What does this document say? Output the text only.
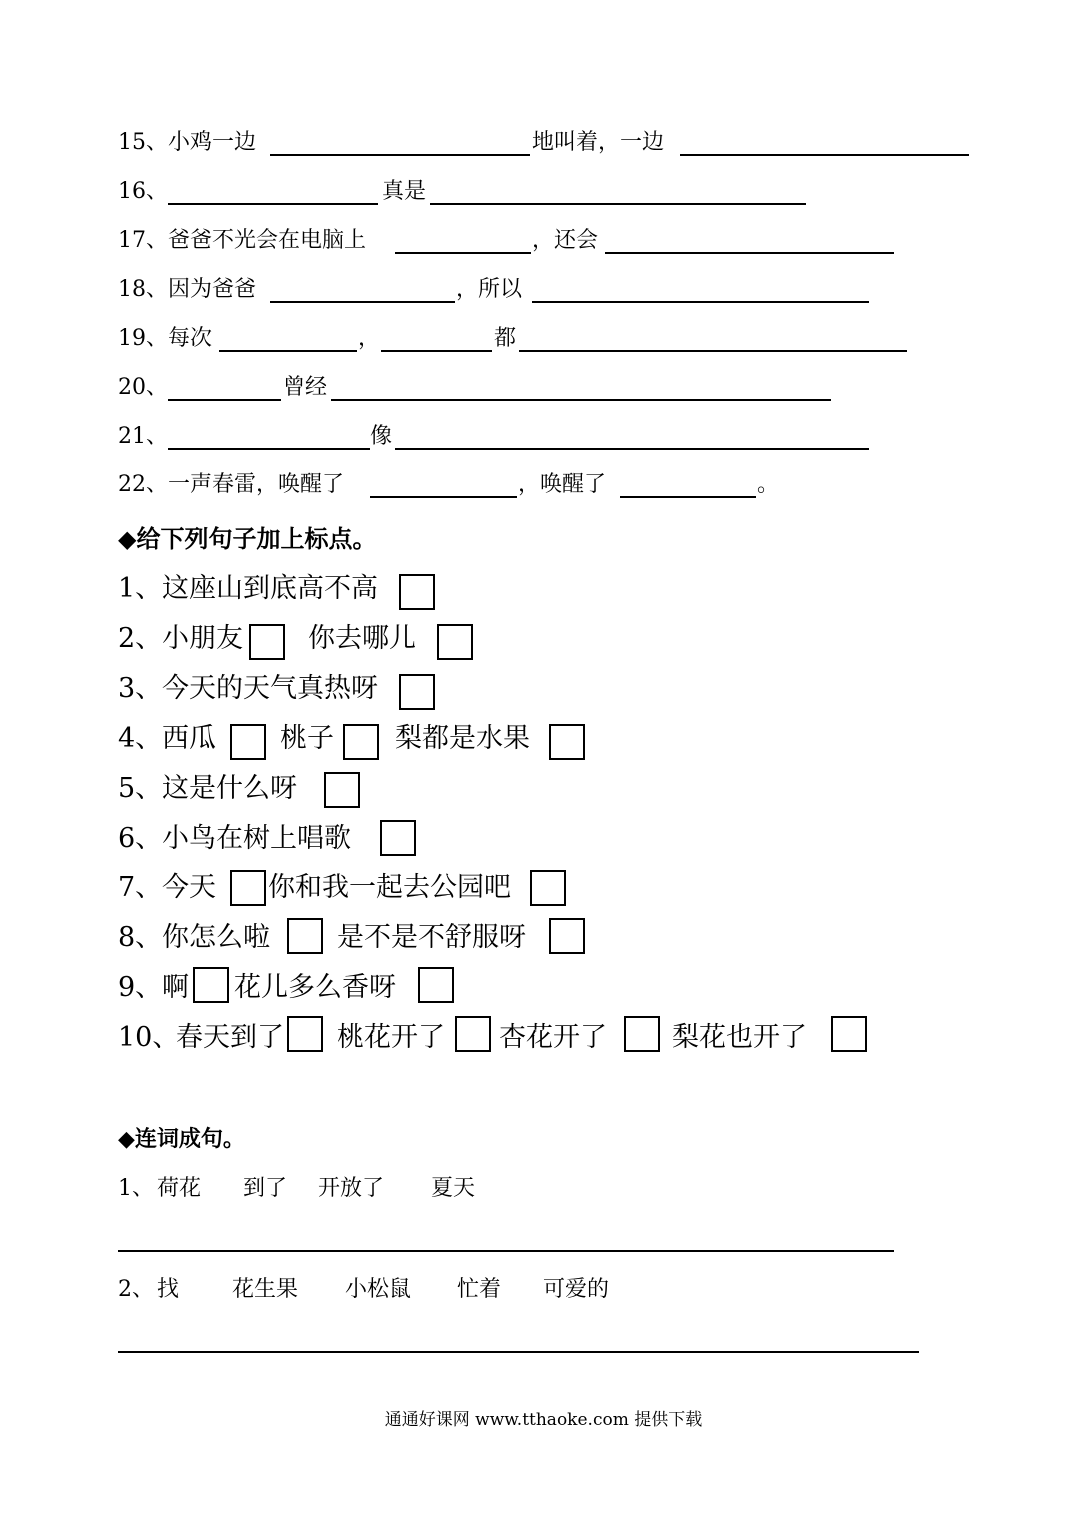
15、 小鸡一边	地叫着，一边
16、	真是
17、 爸爸不光会在电脑上	，还会
18、 因为爸爸	，所以
19、 每次	，	都
20、	曾经
21、	像
22、 一声春雷，唤醒了	，唤醒了	。
◆给下列句子加上标点。
1、 这座山到底高不高
2、 小朋友 你去哪儿
3、 今天的天气真热呀
4、 西瓜 桃子 梨都是水果
5、 这是什么呀
6、 小鸟在树上唱歌
7、 今天 你和我一起去公园吧
8、 你怎么啦 是不是不舒服呀
9、 啊 花儿多么香呀
10、
春天到了 桃花开了 杏花开了 梨花也开了
◆连词成句。
1、 荷花 到了 开放了 夏天
2、 找 花生果 小松鼠 忙着 可爱的
通通好课网 www.tthaoke.com 提供下载
